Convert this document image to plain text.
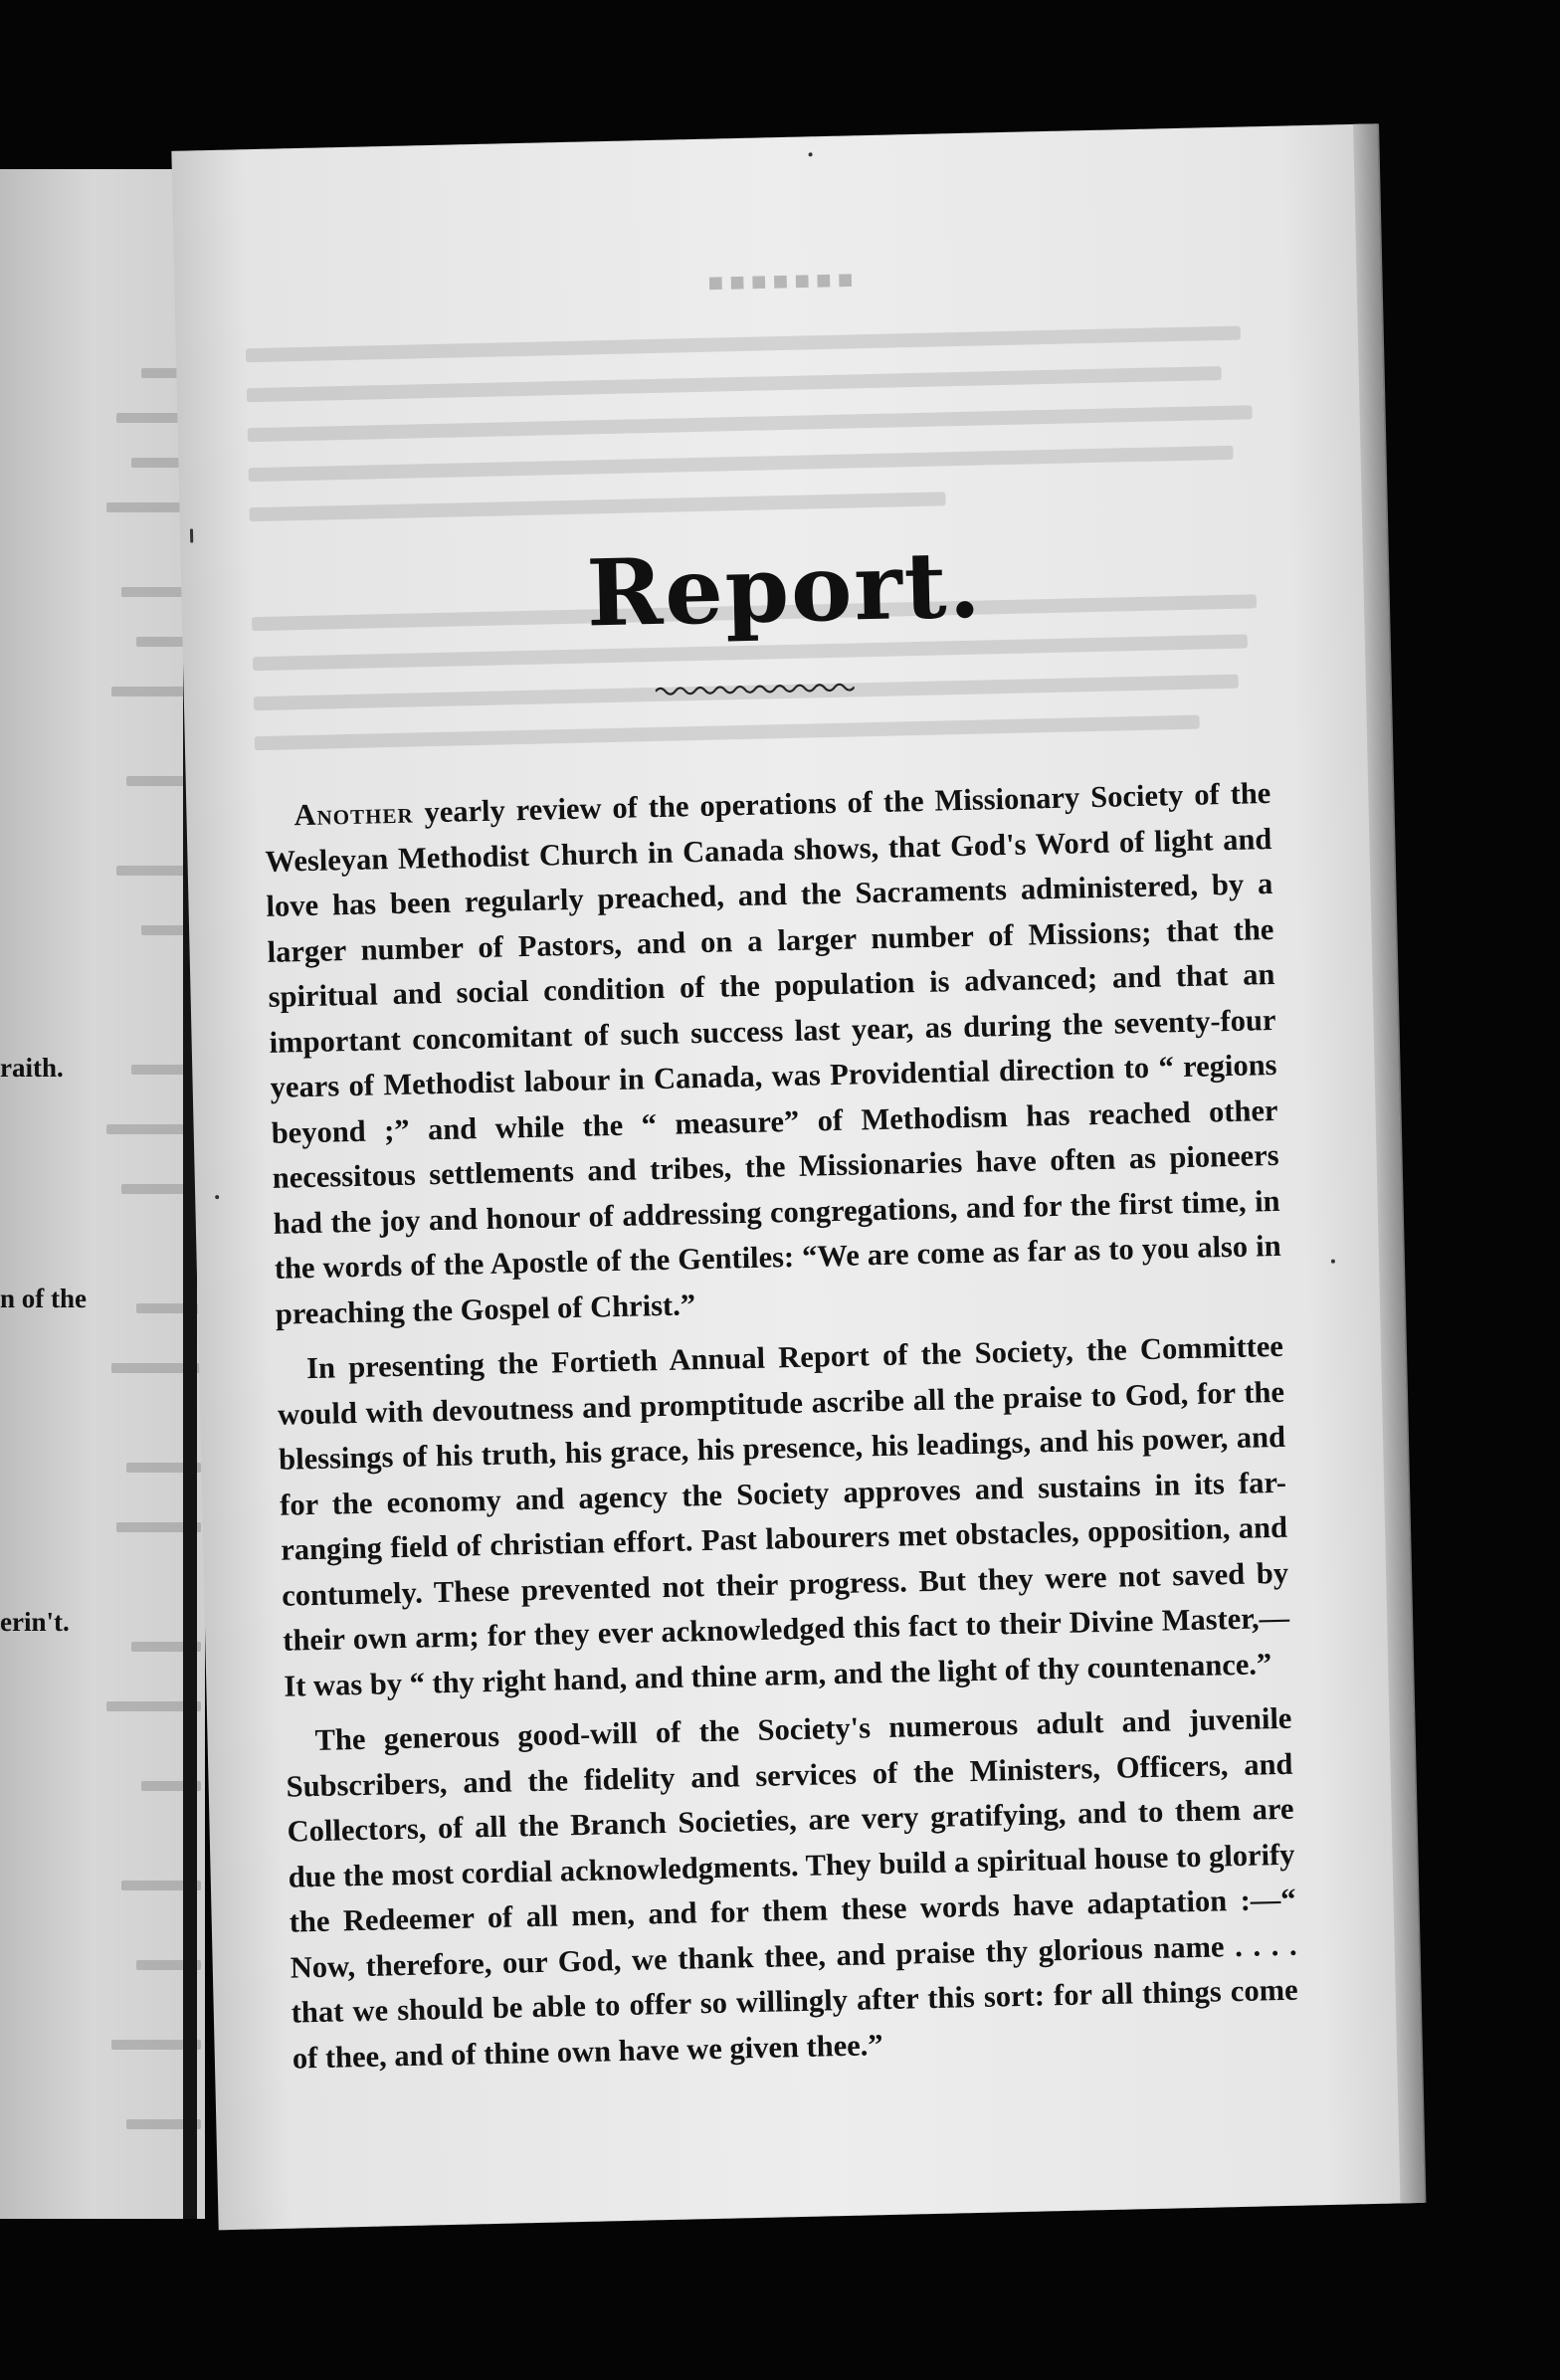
raith.
n of the
erin't.
■■■■■■■
Report.

Another yearly review of the operations of the Missionary Society of the Wesleyan Methodist Church in Canada shows, that God's Word of light and love has been regularly preached, and the Sacraments administered, by a larger number of Pastors, and on a larger number of Missions; that the spiritual and social condition of the population is advanced; and that an important concomitant of such success last year, as during the seventy-four years of Methodist labour in Canada, was Providential direction to “ regions beyond ;” and while the “ measure” of Methodism has reached other necessitous settlements and tribes, the Missionaries have often as pioneers had the joy and honour of addressing congregations, and for the first time, in the words of the Apostle of the Gentiles: “We are come as far as to you also in preaching the Gospel of Christ.”

In presenting the Fortieth Annual Report of the Society, the Committee would with devoutness and promptitude ascribe all the praise to God, for the blessings of his truth, his grace, his presence, his leadings, and his power, and for the economy and agency the Society approves and sustains in its far-ranging field of christian effort. Past labourers met obstacles, opposition, and contumely. These prevented not their progress. But they were not saved by their own arm; for they ever acknowledged this fact to their Divine Master,—It was by “ thy right hand, and thine arm, and the light of thy countenance.”

The generous good-will of the Society's numerous adult and juvenile Subscribers, and the fidelity and services of the Ministers, Officers, and Collectors, of all the Branch Societies, are very gratifying, and to them are due the most cordial acknowledgments. They build a spiritual house to glorify the Redeemer of all men, and for them these words have adaptation :—“ Now, therefore, our God, we thank thee, and praise thy glorious name . . . . that we should be able to offer so willingly after this sort: for all things come of thee, and of thine own have we given thee.”
